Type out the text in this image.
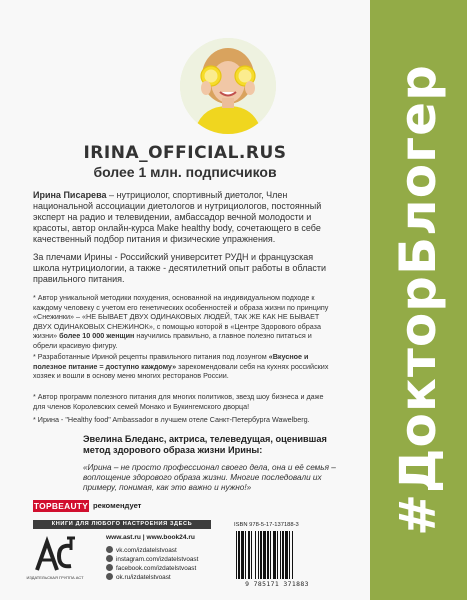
IRINA_OFFICIAL.RUS
более 1 млн. подписчиков

Ирина Писарева – нутрициолог, спортивный диетолог, Член национальной ассоциации диетологов и нутрициологов, постоянный эксперт на радио и телевидении, амбассадор вечной молодости и красоты, автор онлайн-курса Make healthy body, сочетающего в себе качественный подбор питания и физические упражнения.

За плечами Ирины - Российский университет РУДН и французская школа нутрициологии, а также - десятилетний опыт работы в области правильного питания.

* Автор уникальной методики похудения, основанной на индивидуальном подходе к каждому человеку с учетом его генетических особенностей и образа жизни по принципу «Снежинки» – «НЕ БЫВАЕТ ДВУХ ОДИНАКОВЫХ ЛЮДЕЙ, ТАК ЖЕ КАК НЕ БЫВАЕТ ДВУХ ОДИНАКОВЫХ СНЕЖИНОК», с помощью которой в «Центре Здорового образа жизни» более 10 000 женщин научились правильно, а главное полезно питаться и обрели красивую фигуру.

* Разработанные Ириной рецепты правильного питания под лозунгом «Вкусное и полезное питание = доступно каждому» зарекомендовали себя на кухнях российских хозяек и вошли в основу меню многих ресторанов России.

* Автор программ полезного питания для многих политиков, звезд шоу бизнеса и даже для членов Королевских семей Монако и Букингемского дворца!

* Ирина - "Healthy food" Ambassador в лучшем отеле Санкт-Петербурга Wawelberg.

Эвелина Бледанс, актриса, телеведущая, оценившая метод здорового образа жизни Ирины:
«Ирина – не просто профессионал своего дела, она и её семья – воплощение здорового образа жизни. Многие последовали их примеру, понимая, как это важно и нужно!»
TOPBEAUTY рекомендует
КНИГИ ДЛЯ ЛЮБОГО НАСТРОЕНИЯ ЗДЕСЬ
ИЗДАТЕЛЬСКАЯ ГРУППА АСТ
www.ast.ru | www.book24.ru
vk.com/izdatelstvoast
instagram.com/izdatelstvoast
facebook.com/izdatelstvoast
ok.ru/izdatelstvoast
ISBN 978-5-17-137188-3
9 785171 371883
#ДокторБлогер
